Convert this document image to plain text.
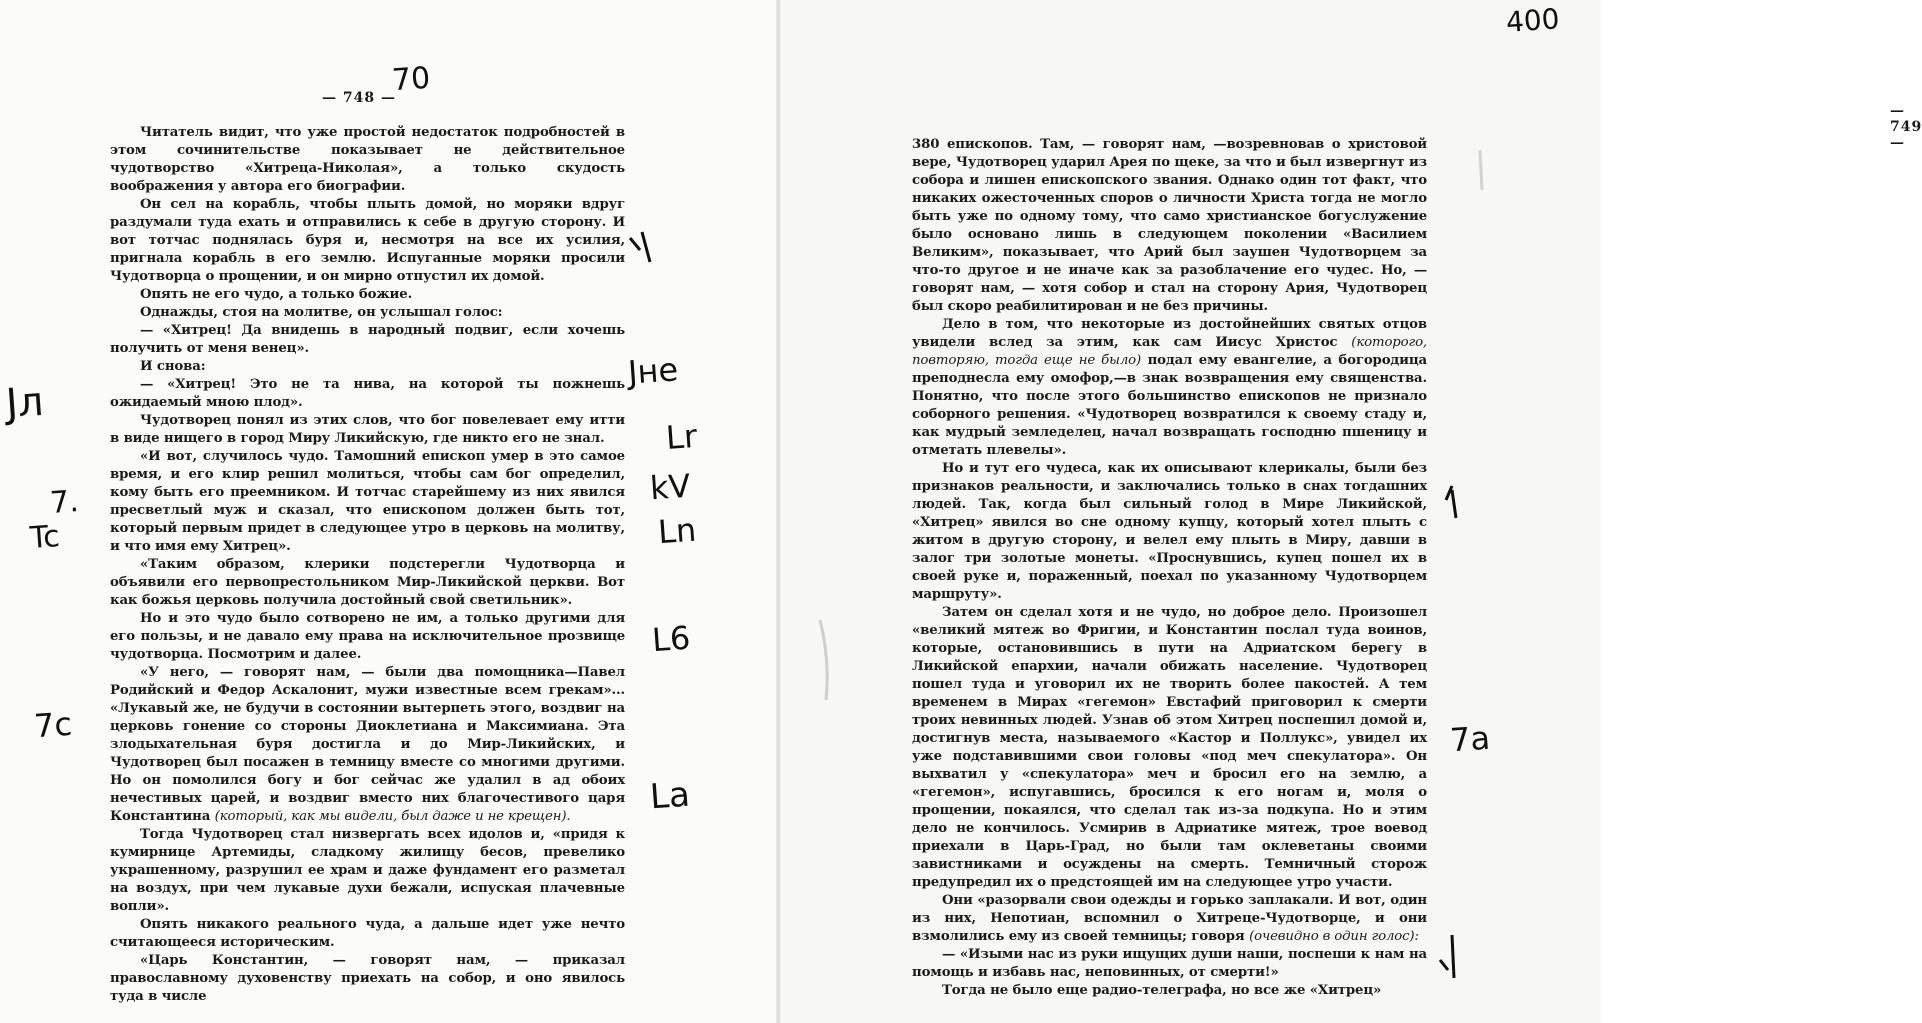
— 748 —

Читатель видит, что уже простой недостаток подробностей в этом сочинительстве показывает не действительное чудотворство «Хитреца-Николая», а только скудость воображения у автора его биографии.

Он сел на корабль, чтобы плыть домой, но моряки вдруг раздумали туда ехать и отправились к себе в другую сторону. И вот тотчас поднялась буря и, несмотря на все их усилия, пригнала корабль в его землю. Испуганные моряки просили Чудотворца о прощении, и он мирно отпустил их домой.

Опять не его чудо, а только божие.

Однажды, стоя на молитве, он услышал голос:

— «Хитрец! Да внидешь в народный подвиг, если хочешь получить от меня венец».

И снова:

— «Хитрец! Это не та нива, на которой ты пожнешь ожидаемый мною плод».

Чудотворец понял из этих слов, что бог повелевает ему итти в виде нищего в город Миру Ликийскую, где никто его не знал.

«И вот, случилось чудо. Тамошний епископ умер в это самое время, и его клир решил молиться, чтобы сам бог определил, кому быть его преемником. И тотчас старейшему из них явился пресветлый муж и сказал, что епископом должен быть тот, который первым придет в следующее утро в церковь на молитву, и что имя ему Хитрец».

«Таким образом, клерики подстерегли Чудотворца и объявили его первопрестольником Мир-Ликийской церкви. Вот как божья церковь получила достойный свой светильник».

Но и это чудо было сотворено не им, а только другими для его пользы, и не давало ему права на исключительное прозвище чудотворца. Посмотрим и далее.

«У него, — говорят нам, — были два помощника—Павел Родийский и Федор Аскалонит, мужи известные всем грекам»... «Лукавый же, не будучи в состоянии вытерпеть этого, воздвиг на церковь гонение со стороны Диоклетиана и Максимиана. Эта злодыхательная буря достигла и до Мир-Ликийских, и Чудотворец был посажен в темницу вместе со многими другими. Но он помолился богу и бог сейчас же удалил в ад обоих нечестивых царей, и воздвиг вместо них благочестивого царя Константина (который, как мы видели, был даже и не крещен).

Тогда Чудотворец стал низвергать всех идолов и, «придя к кумирнице Артемиды, сладкому жилищу бесов, превелико украшенному, разрушил ее храм и даже фундамент его разметал на воздух, при чем лукавые духи бежали, испуская плачевные вопли».

Опять никакого реального чуда, а дальше идет уже нечто считающееся историческим.

«Царь Константин, — говорят нам, — приказал православному духовенству приехать на собор, и оно явилось туда в числе

— 749 —

380 епископов. Там, — говорят нам, —возревновав о христовой вере, Чудотворец ударил Арея по щеке, за что и был извергнут из собора и лишен епископского звания. Однако один тот факт, что никаких ожесточенных споров о личности Христа тогда не могло быть уже по одному тому, что само христианское богуслужение было основано лишь в следующем поколении «Василием Великим», показывает, что Арий был заушен Чудотворцем за что-то другое и не иначе как за разоблачение его чудес. Но, — говорят нам, — хотя собор и стал на сторону Ария, Чудотворец был скоро реабилитирован и не без причины.

Дело в том, что некоторые из достойнейших святых отцов увидели вслед за этим, как сам Иисус Христос (которого, повторяю, тогда еще не было) подал ему евангелие, а богородица преподнесла ему омофор,—в знак возвращения ему священства. Понятно, что после этого большинство епископов не признало соборного решения. «Чудотворец возвратился к своему стаду и, как мудрый земледелец, начал возвращать господню пшеницу и отметать плевелы».

Но и тут его чудеса, как их описывают клерикалы, были без признаков реальности, и заключались только в снах тогдашних людей. Так, когда был сильный голод в Мире Ликийской, «Хитрец» явился во сне одному купцу, который хотел плыть с житом в другую сторону, и велел ему плыть в Миру, давши в залог три золотые монеты. «Проснувшись, купец пошел их в своей руке и, пораженный, поехал по указанному Чудотворцем маршруту».

Затем он сделал хотя и не чудо, но доброе дело. Произошел «великий мятеж во Фригии, и Константин послал туда воинов, которые, остановившись в пути на Адриатском берегу в Ликийской епархии, начали обижать население. Чудотворец пошел туда и уговорил их не творить более пакостей. А тем временем в Мирах «гегемон» Евстафий приговорил к смерти троих невинных людей. Узнав об этом Хитрец поспешил домой и, достигнув места, называемого «Кастор и Поллукс», увидел их уже подставившими свои головы «под меч спекулатора». Он выхватил у «спекулатора» меч и бросил его на землю, а «гегемон», испугавшись, бросился к его ногам и, моля о прощении, покаялся, что сделал так из-за подкупа. Но и этим дело не кончилось. Усмирив в Адриатике мятеж, трое воевод приехали в Царь-Град, но были там оклеветаны своими завистниками и осуждены на смерть. Темничный сторож предупредил их о предстоящей им на следующее утро участи.

Они «разорвали свои одежды и горько заплакали. И вот, один из них, Непотиан, вспомнил о Хитреце-Чудотворце, и они взмолились ему из своей темницы; говоря (очевидно в один голос):

— «Изыми нас из руки ищущих души наши, поспеши к нам на помощь и избавь нас, неповинных, от смерти!»

Тогда не было еще радио-телеграфа, но все же «Хитрец»

400
70
Jл
7.
Tc
7c
Jне
Lr
kV
Ln
L6
La
7a
